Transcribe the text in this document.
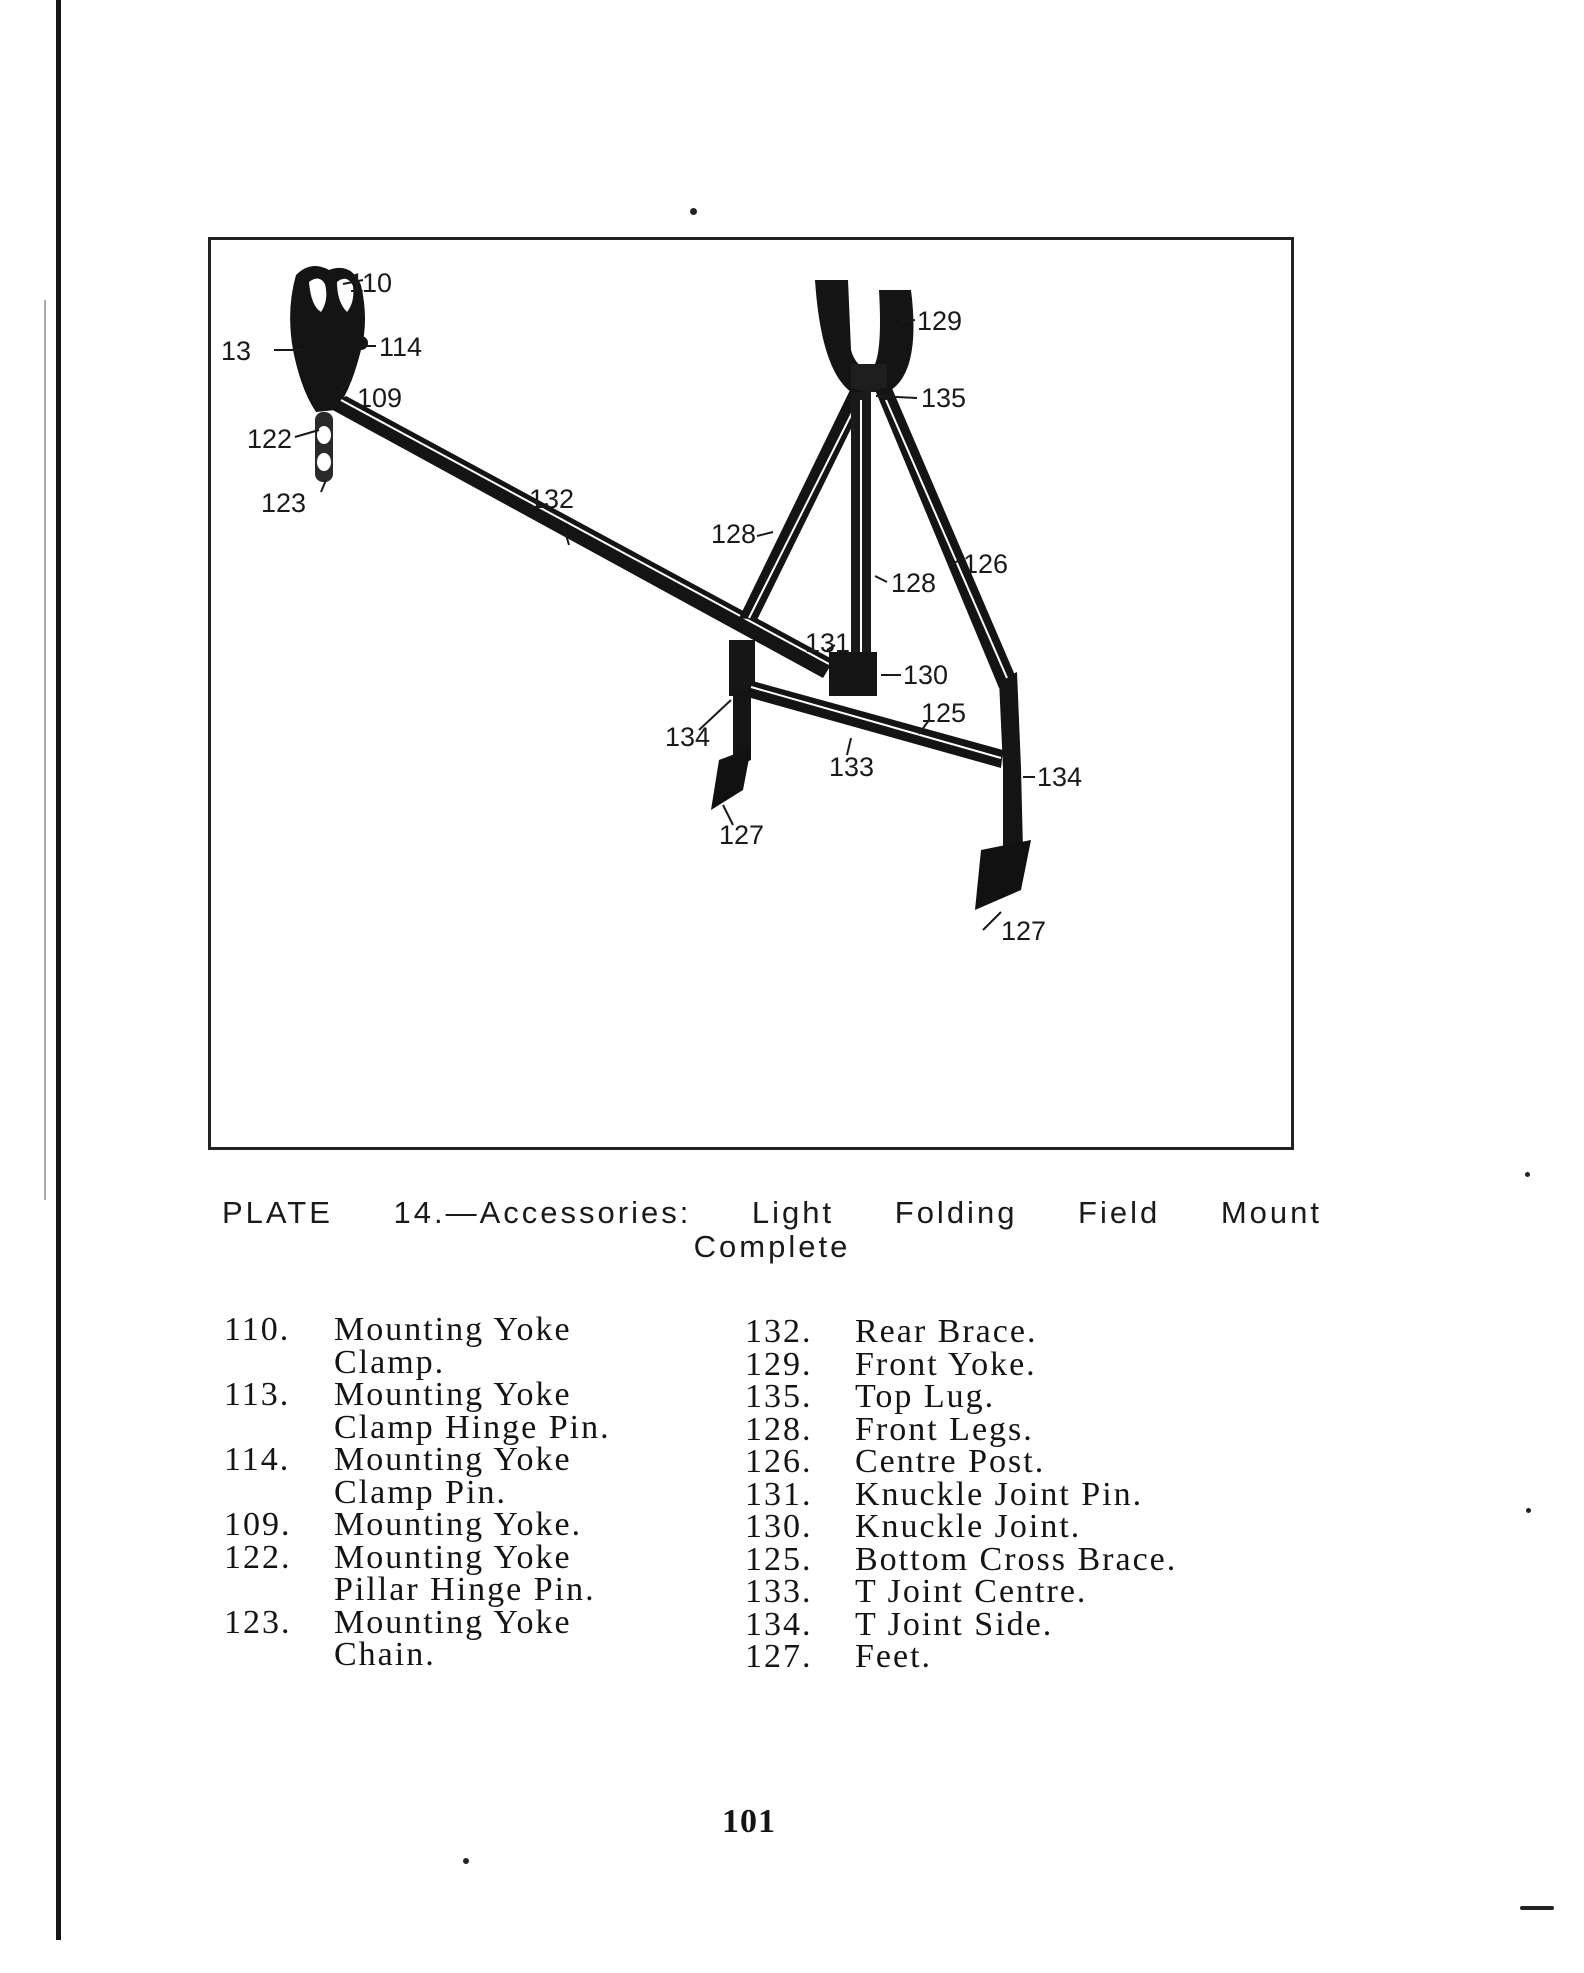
110
13	114
109
122
123	132
129
135
128
126
128
131
130
125
134
133	134
127
127
PLATE 14.—Accessories: Light Folding Field Mount
Complete
110.	Mounting Yoke
Clamp.
113.	Mounting Yoke
Clamp Hinge Pin.
114.	Mounting Yoke
Clamp Pin.
109.	Mounting Yoke.
122.	Mounting Yoke
Pillar Hinge Pin.
123.	Mounting Yoke
Chain.
132.	Rear Brace.
129.	Front Yoke.
135.	Top Lug.
128.	Front Legs.
126.	Centre Post.
131.	Knuckle Joint Pin.
130.	Knuckle Joint.
125.	Bottom Cross Brace.
133.	T Joint Centre.
134.	T Joint Side.
127.	Feet.
101
